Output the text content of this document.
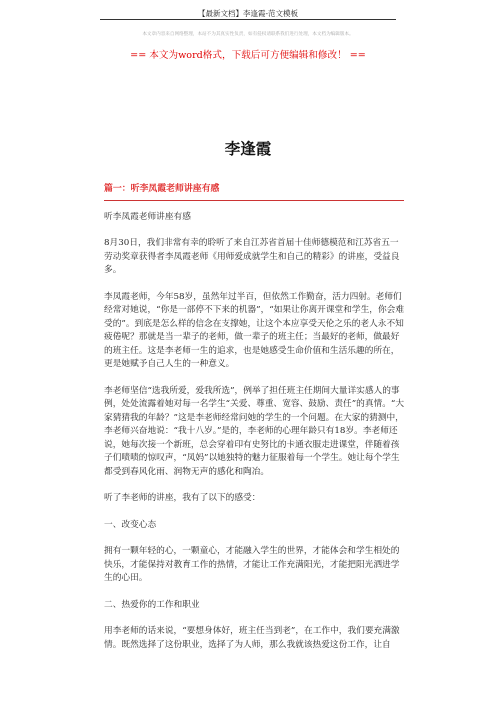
【最新文档】李逢霞-范文模板
本文章内容来自网络整理，本站不为其真实性负责，如有侵权请联系我们进行处理，本文档为编辑版本。
== 本文为word格式，下载后可方便编辑和修改！ ==
李逢霞
篇一：听李凤霞老师讲座有感

听李凤霞老师讲座有感

8月30日，我们非常有幸的聆听了来自江苏省首届十佳师德模范和江苏省五一劳动奖章获得者李凤霞老师《用师爱成就学生和自己的精彩》的讲座，受益良多。

李凤霞老师，今年58岁，虽然年过半百，但依然工作勤奋，活力四射。老师们经常对她说，“你是一部停不下来的机器”，“如果让你离开课堂和学生，你会难受的”。到底是怎么样的信念在支撑她，让这个本应享受天伦之乐的老人永不知疲倦呢？那就是当一辈子的老师，做一辈子的班主任；当最好的老师，做最好的班主任。这是李老师一生的追求，也是她感受生命价值和生活乐趣的所在，更是她赋予自己人生的一种意义。

李老师坚信“选我所爱，爱我所选”，例举了担任班主任期间大量详实感人的事例，处处流露着她对每一名学生“关爱、尊重、宽容、鼓励、责任”的真情。“大家猜猜我的年龄？”这是李老师经常问她的学生的一个问题。在大家的猜测中，李老师兴奋地说：“我十八岁。”是的，李老师的心理年龄只有18岁。李老师还说，她每次接一个新班，总会穿着印有史努比的卡通衣服走进课堂，伴随着孩子们啧啧的惊叹声，“凤妈”以她独特的魅力征服着每一个学生。她让每个学生都受到春风化雨、润物无声的感化和陶冶。

听了李老师的讲座，我有了以下的感受：

一、改变心态

拥有一颗年轻的心，一颗童心，才能融入学生的世界，才能体会和学生相处的快乐，才能保持对教育工作的热情，才能让工作充满阳光，才能把阳光洒进学生的心田。

二、热爱你的工作和职业

用李老师的话来说，“要想身体好，班主任当到老”，在工作中，我们要充满激情。既然选择了这份职业，选择了为人师，那么我就该热爱这份工作，让自
